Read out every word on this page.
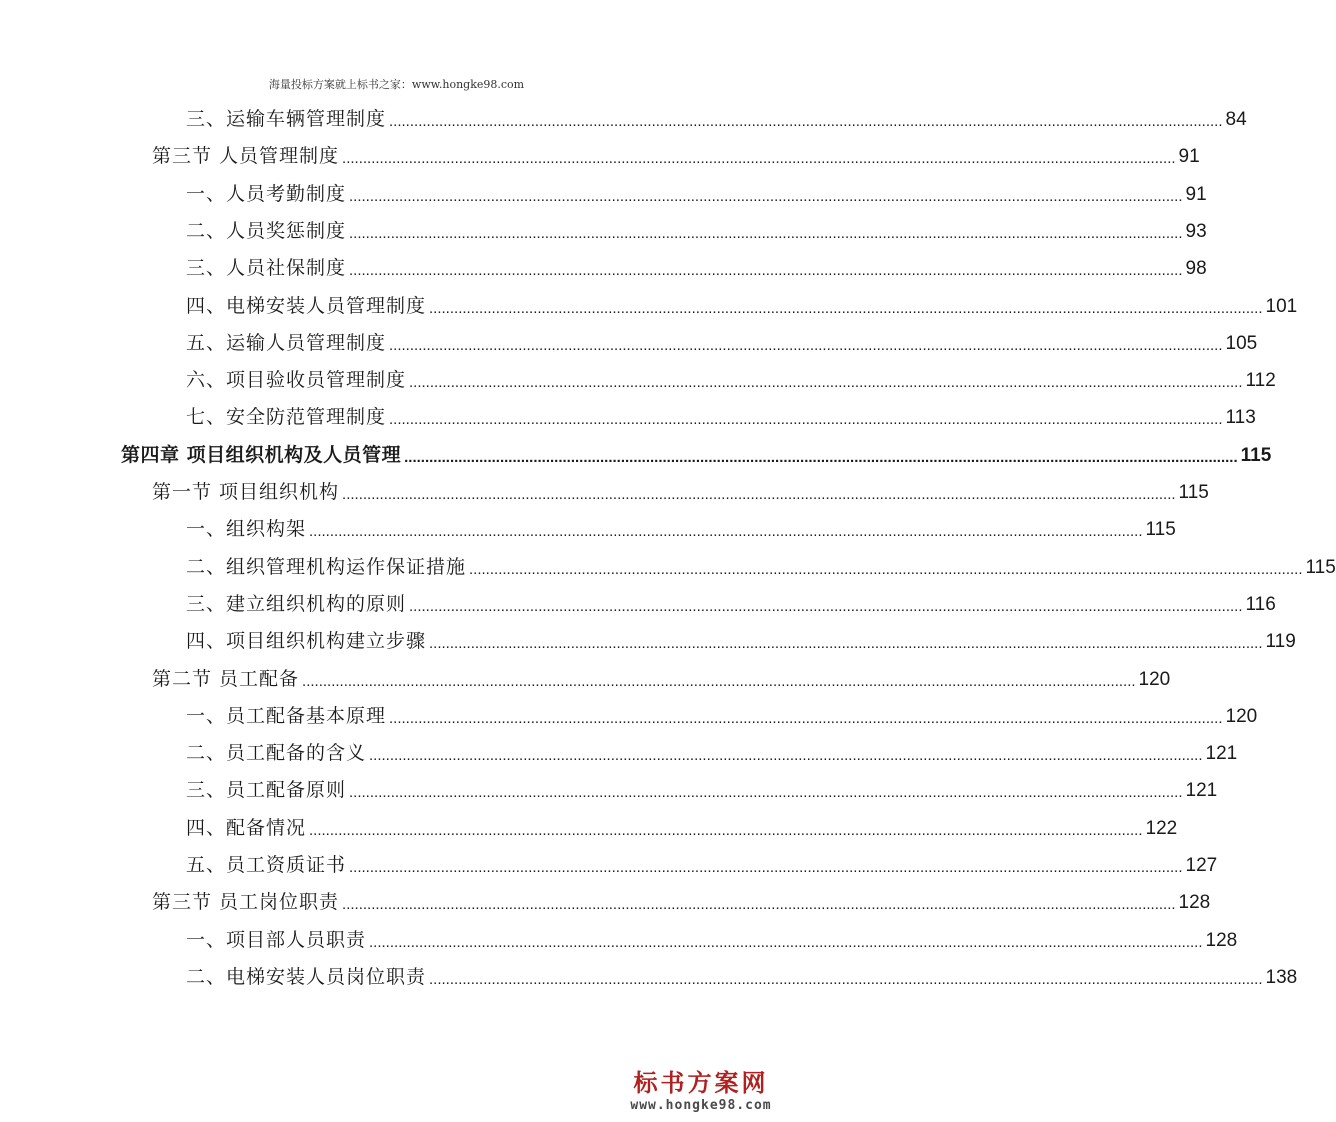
海量投标方案就上标书之家：www.hongke98.com
三、运输车辆管理制度 ........................................................................................................................................................................................................ 84
第三节 人员管理制度 ........................................................................................................................................................................................................ 91
一、人员考勤制度 ........................................................................................................................................................................................................ 91
二、人员奖惩制度 ........................................................................................................................................................................................................ 93
三、人员社保制度 ........................................................................................................................................................................................................ 98
四、电梯安装人员管理制度 ........................................................................................................................................................................................................ 101
五、运输人员管理制度 ........................................................................................................................................................................................................ 105
六、项目验收员管理制度 ........................................................................................................................................................................................................ 112
七、安全防范管理制度 ........................................................................................................................................................................................................ 113
第四章 项目组织机构及人员管理 ........................................................................................................................................................................................................ 115
第一节 项目组织机构 ........................................................................................................................................................................................................ 115
一、组织构架 ........................................................................................................................................................................................................ 115
二、组织管理机构运作保证措施 ........................................................................................................................................................................................................ 115
三、建立组织机构的原则 ........................................................................................................................................................................................................ 116
四、项目组织机构建立步骤 ........................................................................................................................................................................................................ 119
第二节 员工配备 ........................................................................................................................................................................................................ 120
一、员工配备基本原理 ........................................................................................................................................................................................................ 120
二、员工配备的含义 ........................................................................................................................................................................................................ 121
三、员工配备原则 ........................................................................................................................................................................................................ 121
四、配备情况 ........................................................................................................................................................................................................ 122
五、员工资质证书 ........................................................................................................................................................................................................ 127
第三节 员工岗位职责 ........................................................................................................................................................................................................ 128
一、项目部人员职责 ........................................................................................................................................................................................................ 128
二、电梯安装人员岗位职责 ........................................................................................................................................................................................................ 138
标书方案网
www.hongke98.com
